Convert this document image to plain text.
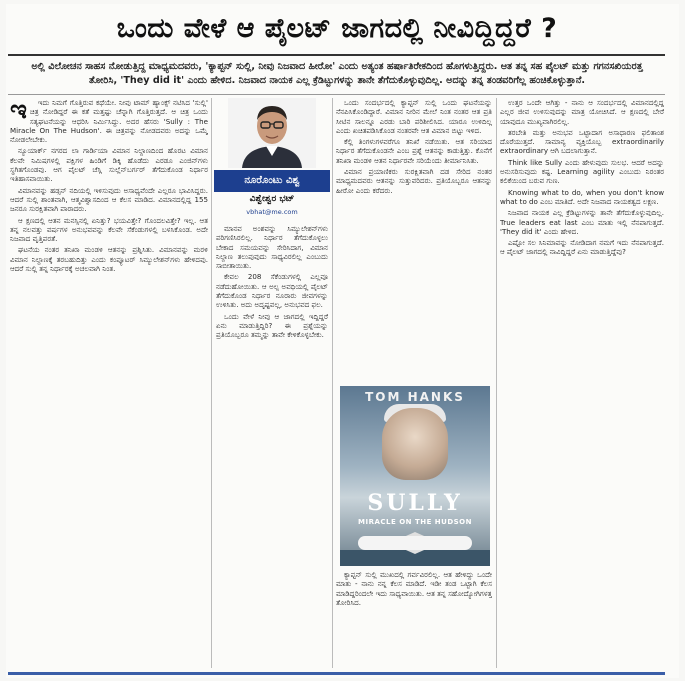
ಒಂದು ವೇಳೆ ಆ ಪೈಲಟ್ ಜಾಗದಲ್ಲಿ ನೀವಿದ್ದಿದ್ದರೆ ?
ಅಲ್ಲಿ ವಿಲೋಚನ ಸಾಹಸ ನೋಡುತ್ತಿದ್ದ ಮಾಧ್ಯಮದವರು, 'ಕ್ಯಾಪ್ಟನ್ ಸುಲ್ಲಿ, ನೀವು ನಿಜವಾದ ಹೀರೋ' ಎಂದು ಅತ್ಯಂತ ಹರ್ಷಾತಿರೇಕದಿಂದ ಹೊಗಳುತ್ತಿದ್ದರು. ಆತ ತನ್ನ ಸಹ ಪೈಲಟ್ ಮತ್ತು ಗಗನಸಖಿಯರತ್ತ ತೋರಿಸಿ, 'They did it' ಎಂದು ಹೇಳಿದ. ನಿಜವಾದ ನಾಯಕ ಎಲ್ಲ ಕ್ರೆಡಿಟ್ಟುಗಳನ್ನು ತಾನೇ ತೆಗೆದುಕೊಳ್ಳುವುದಿಲ್ಲ. ಅದನ್ನು ತನ್ನ ತಂಡವರಿಗೆಲ್ಲ ಹಂಚಿಕೊಳ್ಳುತ್ತಾನೆ.
ಇ	ಇದು ನಿಮಗೆ ಗೊತ್ತಿರುವ ಕಥೆಯೇ. ನೀವು ಟಾಮ್ ಹ್ಯಾಂಕ್ಸ್ ನಟಿಸಿದ 'ಸುಲ್ಲಿ' ಚಿತ್ರ ನೋಡಿದ್ದರೆ ಈ ಕತೆ ಮತ್ತಷ್ಟು ಚೆನ್ನಾಗಿ ಗೊತ್ತಿರುತ್ತದೆ. ಆ ಚಿತ್ರ ಒಂದು ಸತ್ಯಘಟನೆಯನ್ನು ಆಧರಿಸಿ ನಿರ್ಮಿಸಿದ್ದು. ಅದರ ಹೆಸರು 'Sully : The Miracle On The Hudson'. ಈ ಚಿತ್ರವನ್ನು ನೋಡದವರು ಅದನ್ನು ಒಮ್ಮೆ ನೋಡಲೇಬೇಕು.

ನ್ಯೂಯಾರ್ಕ್ ನಗರದ ಲಾ ಗಾರ್ಡಿಯಾ ವಿಮಾನ ನಿಲ್ದಾಣದಿಂದ ಹೊರಟ ವಿಮಾನ ಕೆಲವೇ ನಿಮಿಷಗಳಲ್ಲಿ ಪಕ್ಷಿಗಳ ಹಿಂಡಿಗೆ ಡಿಕ್ಕಿ ಹೊಡೆದು ಎರಡೂ ಎಂಜಿನ್‌ಗಳು ಸ್ಥಗಿತಗೊಂಡವು. ಆಗ ಪೈಲಟ್ ಚೆಸ್ಲಿ ಸುಲ್ಲೆನ್‌ಬರ್ಗರ್ ತೆಗೆದುಕೊಂಡ ನಿರ್ಧಾರ ಇತಿಹಾಸವಾಯಿತು.

ವಿಮಾನವನ್ನು ಹಡ್ಸನ್ ನದಿಯಲ್ಲಿ ಇಳಿಸುವುದು ಅಸಾಧ್ಯವೆಂದೇ ಎಲ್ಲರೂ ಭಾವಿಸಿದ್ದರು. ಆದರೆ ಸುಲ್ಲಿ ಶಾಂತವಾಗಿ, ಆತ್ಮವಿಶ್ವಾಸದಿಂದ ಆ ಕೆಲಸ ಮಾಡಿದ. ವಿಮಾನದಲ್ಲಿದ್ದ 155 ಜನರೂ ಸುರಕ್ಷಿತವಾಗಿ ಪಾರಾದರು.

ಆ ಕ್ಷಣದಲ್ಲಿ ಆತನ ಮನಸ್ಸಿನಲ್ಲಿ ಏನಿತ್ತು? ಭಯವಿತ್ತೇ? ಗೊಂದಲವಿತ್ತೇ? ಇಲ್ಲ. ಆತ ತನ್ನ ನಲವತ್ತು ವರ್ಷಗಳ ಅನುಭವವನ್ನು ಕೆಲವೇ ಸೆಕೆಂಡುಗಳಲ್ಲಿ ಬಳಸಿಕೊಂಡ. ಅದೇ ನಿಜವಾದ ವೃತ್ತಿಪರತೆ.

ಘಟನೆಯ ನಂತರ ತನಿಖಾ ಮಂಡಳಿ ಆತನನ್ನು ಪ್ರಶ್ನಿಸಿತು. ವಿಮಾನವನ್ನು ಮರಳಿ ವಿಮಾನ ನಿಲ್ದಾಣಕ್ಕೆ ತರಬಹುದಿತ್ತು ಎಂದು ಕಂಪ್ಯೂಟರ್ ಸಿಮ್ಯುಲೇಶನ್‌ಗಳು ಹೇಳಿದವು. ಆದರೆ ಸುಲ್ಲಿ ತನ್ನ ನಿರ್ಧಾರಕ್ಕೆ ಅಚಲವಾಗಿ ನಿಂತ.

ನೂರೊಂಟು ವಿಶ್ವ
ವಿಶ್ವೇಶ್ವರ ಭಟ್
vbhat@me.com

ಮಾನವ ಅಂಶವನ್ನು ಸಿಮ್ಯುಲೇಶನ್‌ಗಳು ಪರಿಗಣಿಸಿರಲಿಲ್ಲ. ನಿರ್ಧಾರ ತೆಗೆದುಕೊಳ್ಳಲು ಬೇಕಾದ ಸಮಯವನ್ನು ಸೇರಿಸಿದಾಗ, ವಿಮಾನ ನಿಲ್ದಾಣ ತಲುಪುವುದು ಸಾಧ್ಯವಿರಲಿಲ್ಲ ಎಂಬುದು ಸಾಬೀತಾಯಿತು.

ಕೇವಲ 208 ಸೆಕೆಂಡುಗಳಲ್ಲಿ ಎಲ್ಲವೂ ನಡೆದುಹೋಯಿತು. ಆ ಅಲ್ಪ ಅವಧಿಯಲ್ಲಿ ಪೈಲಟ್ ತೆಗೆದುಕೊಂಡ ನಿರ್ಧಾರ ನೂರಾರು ಜೀವಗಳನ್ನು ಉಳಿಸಿತು. ಅದು ಅದೃಷ್ಟವಲ್ಲ, ಅನುಭವದ ಫಲ.

ಒಂದು ವೇಳೆ ನೀವು ಆ ಜಾಗದಲ್ಲಿ ಇದ್ದಿದ್ದರೆ ಏನು ಮಾಡುತ್ತಿದ್ದಿರಿ? ಈ ಪ್ರಶ್ನೆಯನ್ನು ಪ್ರತಿಯೊಬ್ಬರೂ ತಮ್ಮನ್ನು ತಾವೇ ಕೇಳಿಕೊಳ್ಳಬೇಕು.

ಒಂದು ಸಂದರ್ಭದಲ್ಲಿ ಕ್ಯಾಪ್ಟನ್ ಸುಲ್ಲಿ ಒಂದು ಘಟನೆಯನ್ನು ನೆನಪಿಸಿಕೊಂಡಿದ್ದಾರೆ. ವಿಮಾನ ನೀರಿನ ಮೇಲೆ ನಿಂತ ನಂತರ ಆತ ಪ್ರತಿ ಸೀಟಿನ ಸಾಲನ್ನೂ ಎರಡು ಬಾರಿ ಪರಿಶೀಲಿಸಿದ. ಯಾರೂ ಉಳಿದಿಲ್ಲ ಎಂದು ಖಚಿತಪಡಿಸಿಕೊಂಡ ನಂತರವೇ ಆತ ವಿಮಾನ ಬಿಟ್ಟು ಇಳಿದ.

ಕೆಲ್ಲಿ ತಿಂಗಳುಗಳವರೆಗೂ ತನಿಖೆ ನಡೆಯಿತು. ಆತ ಸರಿಯಾದ ನಿರ್ಧಾರ ತೆಗೆದುಕೊಂಡನೇ ಎಂಬ ಪ್ರಶ್ನೆ ಆತನನ್ನು ಕಾಡುತ್ತಿತ್ತು. ಕೊನೆಗೆ ತನಿಖಾ ಮಂಡಳಿ ಆತನ ನಿರ್ಧಾರವೇ ಸರಿಯೆಂದು ತೀರ್ಮಾನಿಸಿತು.

ವಿಮಾನ ಪ್ರಯಾಣಿಕರು ಸುರಕ್ಷಿತವಾಗಿ ದಡ ಸೇರಿದ ನಂತರ ಮಾಧ್ಯಮದವರು ಆತನನ್ನು ಸುತ್ತುವರಿದರು. ಪ್ರತಿಯೊಬ್ಬರೂ ಆತನನ್ನು ಹೀರೋ ಎಂದು ಕರೆದರು.

TOM HANKS
SULLY
MIRACLE ON THE HUDSON

ಕ್ಯಾಪ್ಟನ್ ಸುಲ್ಲಿ ಮುಖದಲ್ಲಿ ಗರ್ವವಿರಲಿಲ್ಲ. ಆತ ಹೇಳಿದ್ದು ಒಂದೇ ಮಾತು - ನಾನು ನನ್ನ ಕೆಲಸ ಮಾಡಿದೆ. ಇಡೀ ತಂಡ ಒಟ್ಟಾಗಿ ಕೆಲಸ ಮಾಡಿದ್ದರಿಂದಲೇ ಇದು ಸಾಧ್ಯವಾಯಿತು. ಆತ ತನ್ನ ಸಹೋದ್ಯೋಗಿಗಳತ್ತ ತೋರಿಸಿದ.

ಉತ್ತರ ಒಂದೇ ಆಗಿತ್ತು - ನಾನು ಆ ಸಂದರ್ಭದಲ್ಲಿ ವಿಮಾನದಲ್ಲಿದ್ದ ಎಲ್ಲರ ಜೀವ ಉಳಿಸುವುದನ್ನು ಮಾತ್ರ ಯೋಚಿಸಿದೆ. ಆ ಕ್ಷಣದಲ್ಲಿ ಬೇರೆ ಯಾವುದೂ ಮುಖ್ಯವಾಗಿರಲಿಲ್ಲ.

ತರಬೇತಿ ಮತ್ತು ಅನುಭವ ಒಟ್ಟಾದಾಗ ಅಸಾಧಾರಣ ಫಲಿತಾಂಶ ದೊರೆಯುತ್ತದೆ. ಸಾಮಾನ್ಯ ವ್ಯಕ್ತಿಯೊಬ್ಬ extraordinarily extraordinary ಆಗಿ ಬದಲಾಗುತ್ತಾನೆ.

Think like Sully ಎಂದು ಹೇಳುವುದು ಸುಲಭ. ಆದರೆ ಅದನ್ನು ಅನುಸರಿಸುವುದು ಕಷ್ಟ. Learning agility ಎಂಬುದು ನಿರಂತರ ಕಲಿಕೆಯಿಂದ ಬರುವ ಗುಣ.

Knowing what to do, when you don't know what to do ಎಂಬ ಮಾತಿದೆ. ಅದೇ ನಿಜವಾದ ನಾಯಕತ್ವದ ಲಕ್ಷಣ.

ನಿಜವಾದ ನಾಯಕ ಎಲ್ಲ ಕ್ರೆಡಿಟ್ಟುಗಳನ್ನು ತಾನೇ ತೆಗೆದುಕೊಳ್ಳುವುದಿಲ್ಲ. True leaders eat last ಎಂಬ ಮಾತು ಇಲ್ಲಿ ನೆನಪಾಗುತ್ತದೆ. 'They did it' ಎಂದು ಹೇಳಿದ.

ಎಷ್ಟೋ ಸಲ ಸಿನಿಮಾವನ್ನು ನೋಡಿದಾಗ ನಮಗೆ ಇದು ನೆನಪಾಗುತ್ತದೆ. ಆ ಪೈಲಟ್ ಜಾಗದಲ್ಲಿ ನಾವಿದ್ದಿದ್ದರೆ ಏನು ಮಾಡುತ್ತಿದ್ದೆವು?
